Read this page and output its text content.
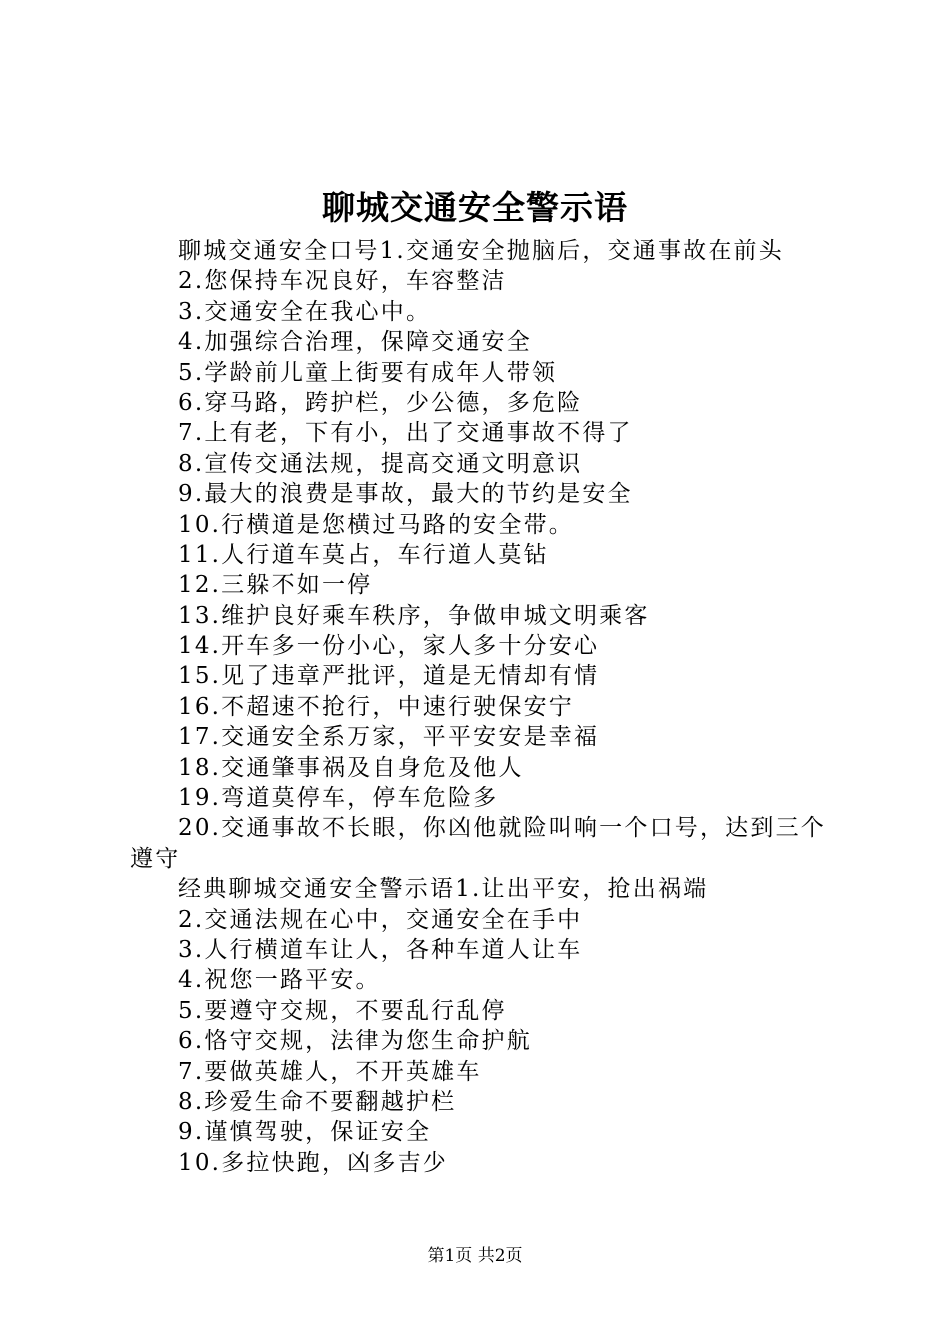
聊城交通安全警示语
聊城交通安全口号1.交通安全抛脑后，交通事故在前头
2.您保持车况良好，车容整洁
3.交通安全在我心中。
4.加强综合治理，保障交通安全
5.学龄前儿童上街要有成年人带领
6.穿马路，跨护栏，少公德，多危险
7.上有老，下有小，出了交通事故不得了
8.宣传交通法规，提高交通文明意识
9.最大的浪费是事故，最大的节约是安全
10.行横道是您横过马路的安全带。
11.人行道车莫占，车行道人莫钻
12.三躲不如一停
13.维护良好乘车秩序，争做申城文明乘客
14.开车多一份小心，家人多十分安心
15.见了违章严批评，道是无情却有情
16.不超速不抢行，中速行驶保安宁
17.交通安全系万家，平平安安是幸福
18.交通肇事祸及自身危及他人
19.弯道莫停车，停车危险多
20.交通事故不长眼，你凶他就险叫响一个口号，达到三个
遵守
经典聊城交通安全警示语1.让出平安，抢出祸端
2.交通法规在心中，交通安全在手中
3.人行横道车让人，各种车道人让车
4.祝您一路平安。
5.要遵守交规，不要乱行乱停
6.恪守交规，法律为您生命护航
7.要做英雄人，不开英雄车
8.珍爱生命不要翻越护栏
9.谨慎驾驶，保证安全
10.多拉快跑，凶多吉少
第1页 共2页
